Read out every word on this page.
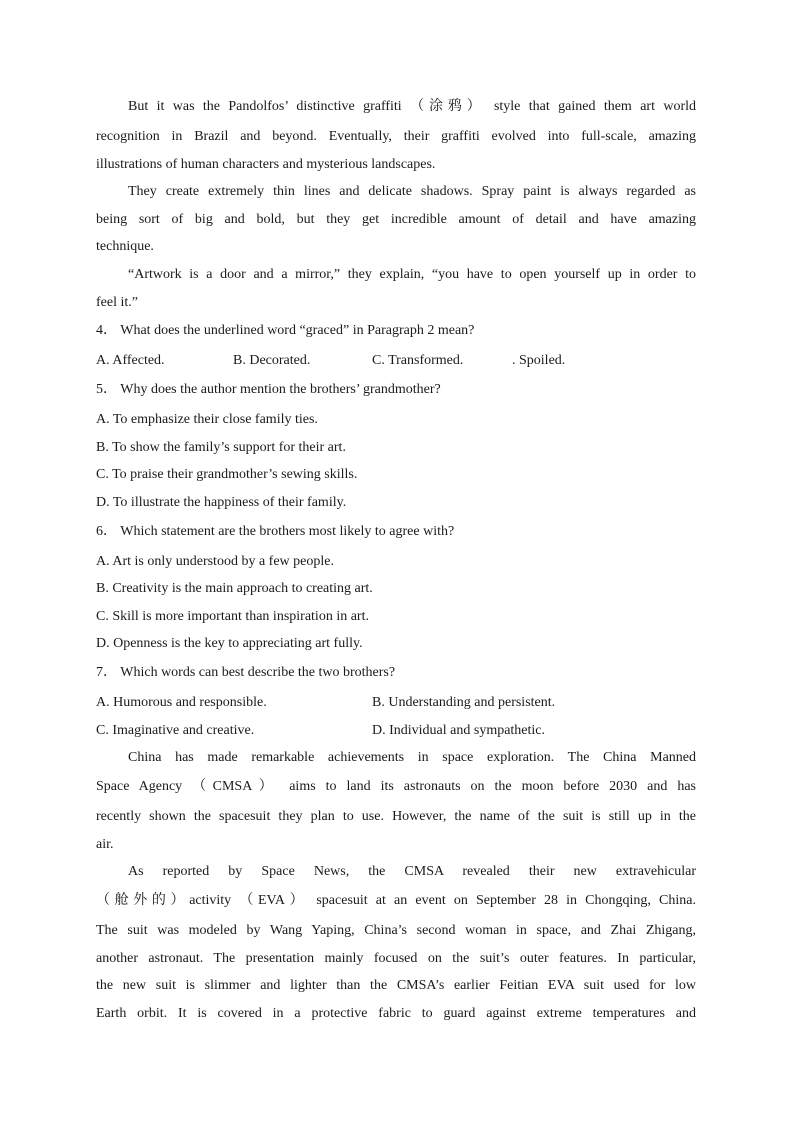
But it was the Pandolfos’ distinctive graffiti （涂鸦） style that gained them art world
recognition in Brazil and beyond. Eventually, their graffiti evolved into full-scale, amazing
illustrations of human characters and mysterious landscapes.
They create extremely thin lines and delicate shadows. Spray paint is always regarded as
being sort of big and bold, but they get incredible amount of detail and have amazing
technique.
“Artwork is a door and a mirror,” they explain, “you have to open yourself up in order to
feel it.”
4． What does the underlined word “graced” in Paragraph 2 mean?
A. Affected.	B. Decorated.	C. Transformed.	. Spoiled.
5． Why does the author mention the brothers’ grandmother?
A. To emphasize their close family ties.
B. To show the family’s support for their art.
C. To praise their grandmother’s sewing skills.
D. To illustrate the happiness of their family.
6． Which statement are the brothers most likely to agree with?
A. Art is only understood by a few people.
B. Creativity is the main approach to creating art.
C. Skill is more important than inspiration in art.
D. Openness is the key to appreciating art fully.
7． Which words can best describe the two brothers?
A. Humorous and responsible.	B. Understanding and persistent.
C. Imaginative and creative.	D. Individual and sympathetic.
China has made remarkable achievements in space exploration. The China Manned
Space Agency （CMSA） aims to land its astronauts on the moon before 2030 and has
recently shown the spacesuit they plan to use. However, the name of the suit is still up in the
air.
As reported by Space News, the CMSA revealed their new extravehicular
（舱外的）activity （EVA） spacesuit at an event on September 28 in Chongqing, China.
The suit was modeled by Wang Yaping, China’s second woman in space, and Zhai Zhigang,
another astronaut. The presentation mainly focused on the suit’s outer features. In particular,
the new suit is slimmer and lighter than the CMSA’s earlier Feitian EVA suit used for low
Earth orbit. It is covered in a protective fabric to guard against extreme temperatures and
